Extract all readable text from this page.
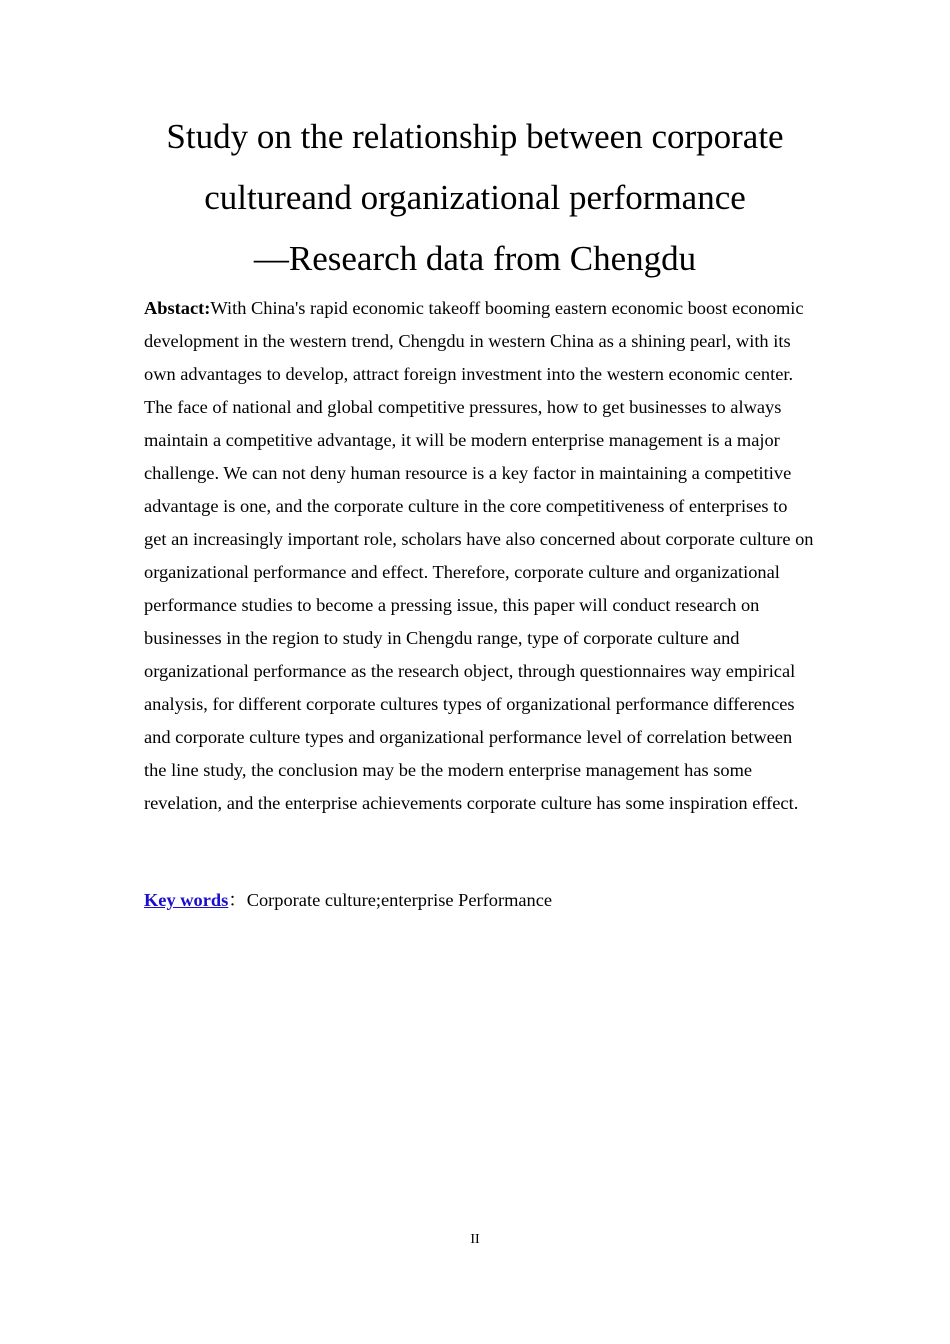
Study on the relationship between corporate
cultureand organizational performance
—Research data from Chengdu

Abstact:With China's rapid economic takeoff booming eastern economic boost economic development in the western trend, Chengdu in western China as a shining pearl, with its own advantages to develop, attract foreign investment into the western economic center. The face of national and global competitive pressures, how to get businesses to always maintain a competitive advantage, it will be modern enterprise management is a major challenge. We can not deny human resource is a key factor in maintaining a competitive advantage is one, and the corporate culture in the core competitiveness of enterprises to get an increasingly important role, scholars have also concerned about corporate culture on organizational performance and effect. Therefore, corporate culture and organizational performance studies to become a pressing issue, this paper will conduct research on businesses in the region to study in Chengdu range, type of corporate culture and organizational performance as the research object, through questionnaires way empirical analysis, for different corporate cultures types of organizational performance differences and corporate culture types and organizational performance level of correlation between the line study, the conclusion may be the modern enterprise management has some revelation, and the enterprise achievements corporate culture has some inspiration effect.

Key words：Corporate culture;enterprise Performance

II
